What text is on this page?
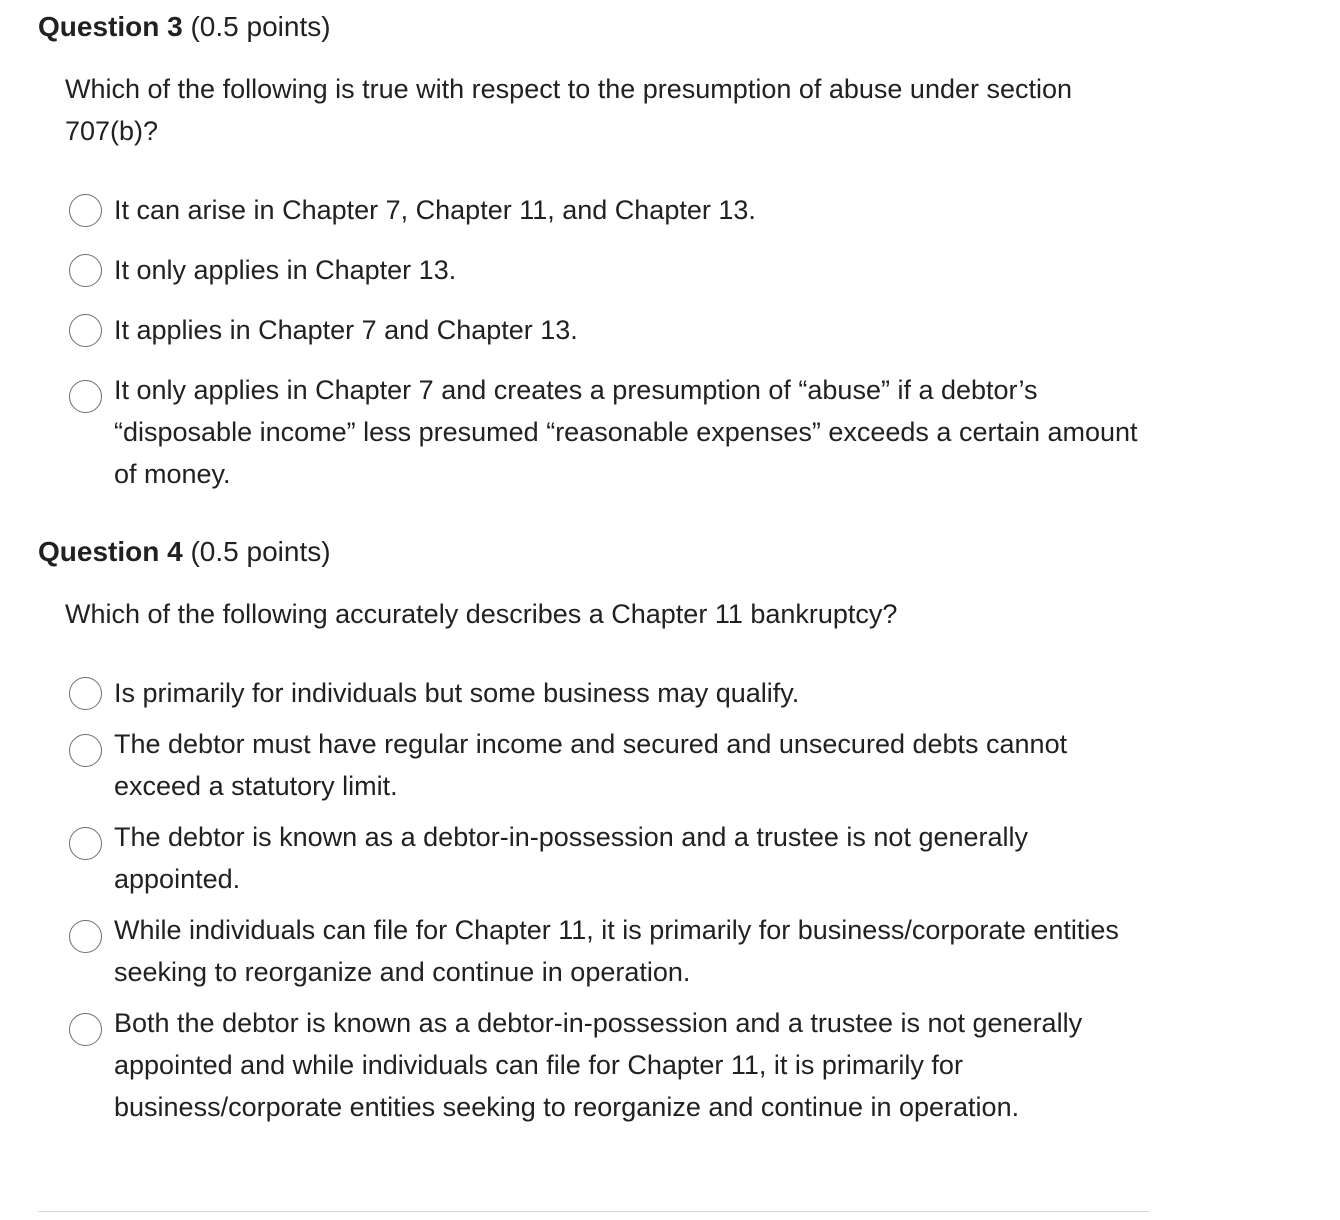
Question 3 (0.5 points)
Which of the following is true with respect to the presumption of abuse under section 707(b)?
It can arise in Chapter 7, Chapter 11, and Chapter 13.
It only applies in Chapter 13.
It applies in Chapter 7 and Chapter 13.
It only applies in Chapter 7 and creates a presumption of “abuse” if a debtor’s “disposable income” less presumed “reasonable expenses” exceeds a certain amount of money.
Question 4 (0.5 points)
Which of the following accurately describes a Chapter 11 bankruptcy?
Is primarily for individuals but some business may qualify.
The debtor must have regular income and secured and unsecured debts cannot exceed a statutory limit.
The debtor is known as a debtor-in-possession and a trustee is not generally appointed.
While individuals can file for Chapter 11, it is primarily for business/corporate entities seeking to reorganize and continue in operation.
Both the debtor is known as a debtor-in-possession and a trustee is not generally appointed and while individuals can file for Chapter 11, it is primarily for business/corporate entities seeking to reorganize and continue in operation.
